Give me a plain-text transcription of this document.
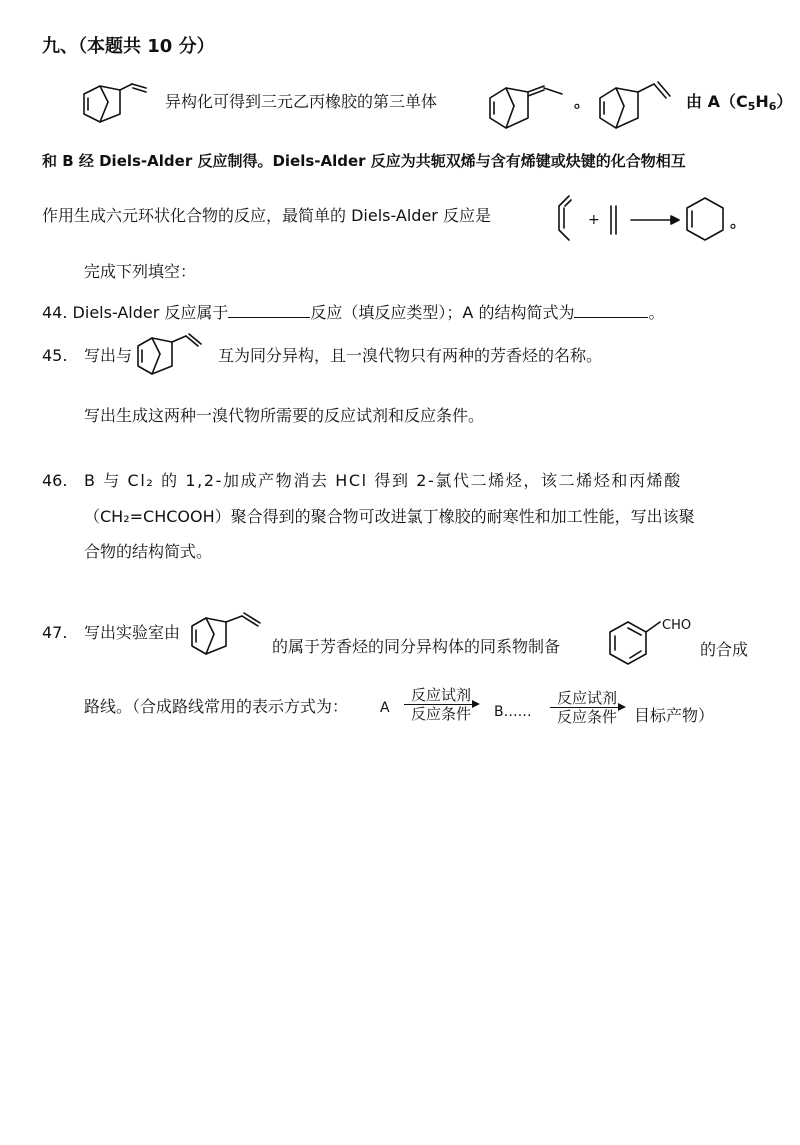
九、（本题共 10 分）
异构化可得到三元乙丙橡胶的第三单体	。	由 $A(C_5H_6)$
和 B 经 Diels-Alder 反应制得。Diels-Alder 反应为共轭双烯与含有烯键或炔键的化合物相互
作用生成六元环状化合物的反应，最简单的 Diels-Alder 反应是	+	。
完成下列填空：
44. Diels-Alder 反应属于	反应（填反应类型）；A 的结构简式为	。
45. 写出与	互为同分异构，且一溴代物只有两种的芳香烃的名称。
写出生成这两种一溴代物所需要的反应试剂和反应条件。
46. B 与 Cl₂ 的 1,2-加成产物消去 HCl 得到 2-氯代二烯烃，该二烯烃和丙烯酸
（CH₂=CHCOOH）聚合得到的聚合物可改进氯丁橡胶的耐寒性和加工性能，写出该聚
合物的结构简式。
47. 写出实验室由
的属于芳香烃的同分异构体的同系物制备
CHO
的合成
路线。（合成路线常用的表示方式为： A
反应试剂
反应条件	B……
反应试剂
反应条件	目标产物）
